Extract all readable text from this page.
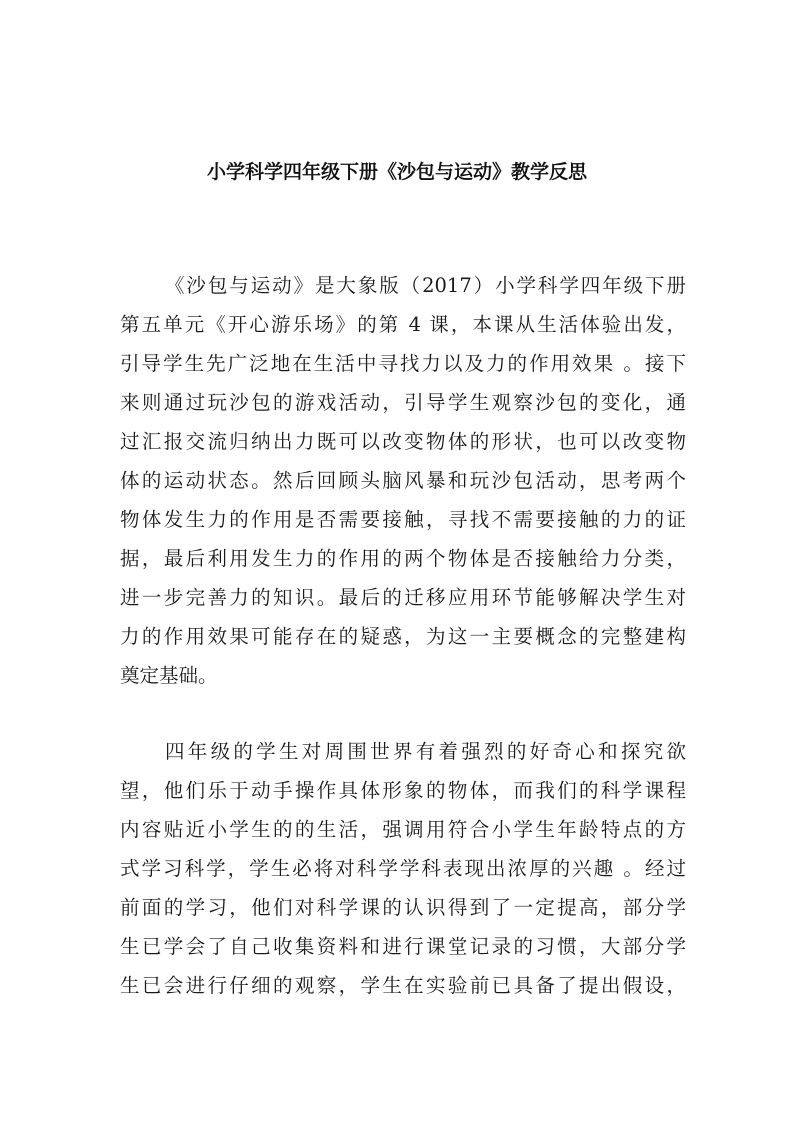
小学科学四年级下册《沙包与运动》教学反思

《沙包与运动》是大象版（2017）小学科学四年级下册
第五单元《开心游乐场》的第 4 课，本课从生活体验出发，
引导学生先广泛地在生活中寻找力以及力的作用效果 。接下
来则通过玩沙包的游戏活动，引导学生观察沙包的变化，通
过汇报交流归纳出力既可以改变物体的形状，也可以改变物
体的运动状态。然后回顾头脑风暴和玩沙包活动，思考两个
物体发生力的作用是否需要接触，寻找不需要接触的力的证
据，最后利用发生力的作用的两个物体是否接触给力分类，
进一步完善力的知识。最后的迁移应用环节能够解决学生对
力的作用效果可能存在的疑惑，为这一主要概念的完整建构
奠定基础。

四年级的学生对周围世界有着强烈的好奇心和探究欲
望，他们乐于动手操作具体形象的物体，而我们的科学课程
内容贴近小学生的的生活，强调用符合小学生年龄特点的方
式学习科学，学生必将对科学学科表现出浓厚的兴趣 。经过
前面的学习，他们对科学课的认识得到了一定提高，部分学
生已学会了自己收集资料和进行课堂记录的习惯，大部分学
生已会进行仔细的观察，学生在实验前已具备了提出假设，
